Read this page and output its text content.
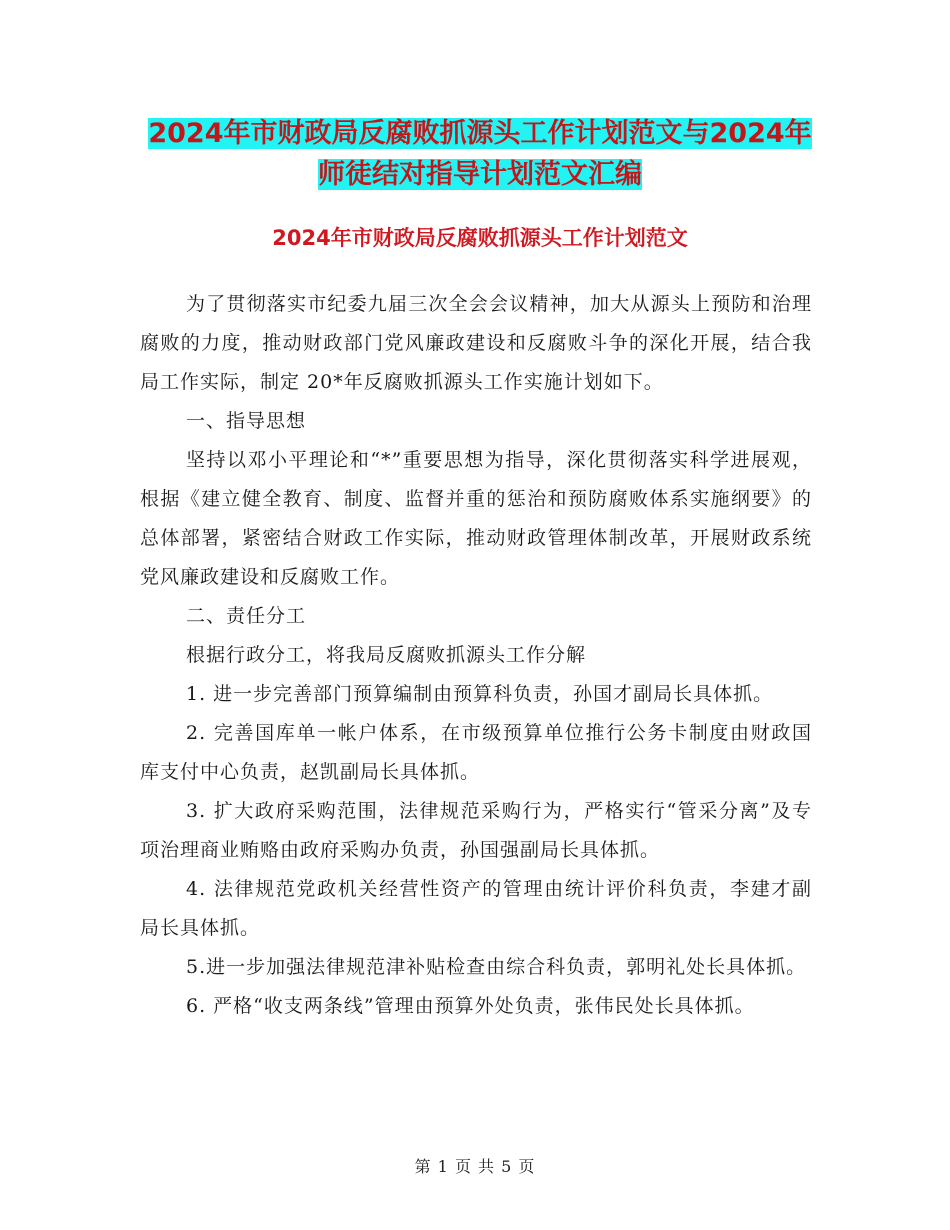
2024年市财政局反腐败抓源头工作计划范文与2024年
师徒结对指导计划范文汇编
2024年市财政局反腐败抓源头工作计划范文

为了贯彻落实市纪委九届三次全会会议精神，加大从源头上预防和治理腐败的力度，推动财政部门党风廉政建设和反腐败斗争的深化开展，结合我局工作实际，制定 20*年反腐败抓源头工作实施计划如下。

一、指导思想

坚持以邓小平理论和“*”重要思想为指导，深化贯彻落实科学进展观，根据《建立健全教育、制度、监督并重的惩治和预防腐败体系实施纲要》的总体部署，紧密结合财政工作实际，推动财政管理体制改革，开展财政系统党风廉政建设和反腐败工作。

二、责任分工

根据行政分工，将我局反腐败抓源头工作分解

1. 进一步完善部门预算编制由预算科负责，孙国才副局长具体抓。

2. 完善国库单一帐户体系，在市级预算单位推行公务卡制度由财政国库支付中心负责，赵凯副局长具体抓。

3. 扩大政府采购范围，法律规范采购行为，严格实行“管采分离”及专项治理商业贿赂由政府采购办负责，孙国强副局长具体抓。

4. 法律规范党政机关经营性资产的管理由统计评价科负责，李建才副局长具体抓。

5.进一步加强法律规范津补贴检查由综合科负责，郭明礼处长具体抓。

6. 严格“收支两条线”管理由预算外处负责，张伟民处长具体抓。

第 1 页 共 5 页
